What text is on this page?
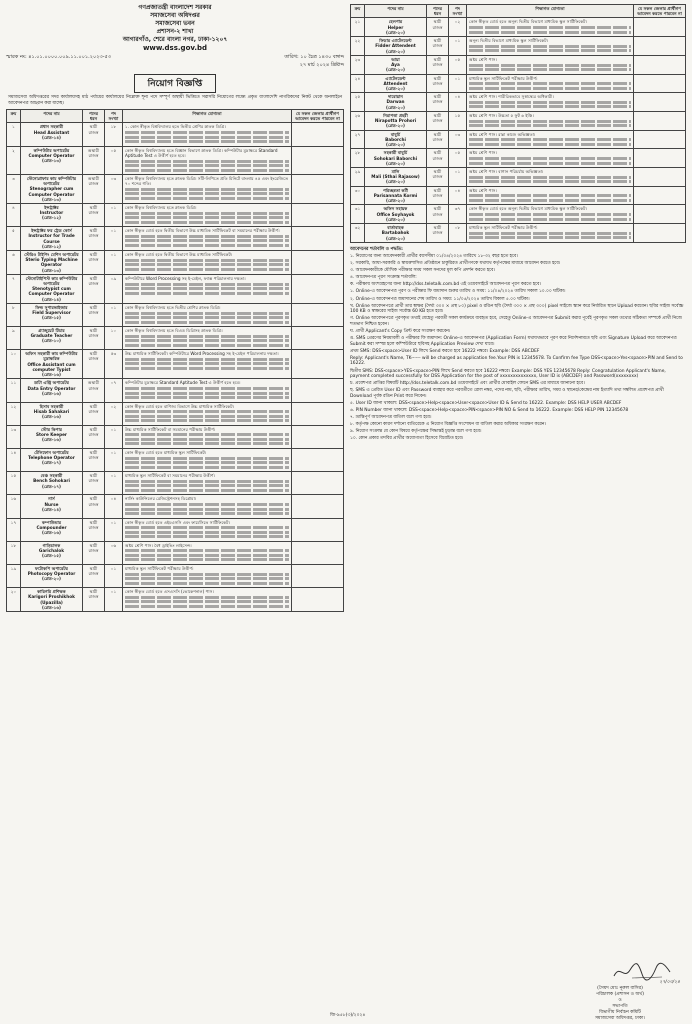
গণপ্রজাতন্ত্রী বাংলাদেশ সরকার
সমাজসেবা অধিদপ্তর
সমাজসেবা ভবন
প্রশাসন-২ শাখা
আগারগাঁও, শেরে বাংলা নগর, ঢাকা-১২০৭
www.dss.gov.bd
স্মারক নং: ৪১.০১.০০০০.০০৯.১১.০০১.২০২৩-৫৩	তারিখ: ১০ চৈত্র ১৪৩০ বঙ্গাব্দ
২৭ মার্চ ২০২৪ খ্রিষ্টাব্দ
নিয়োগ বিজ্ঞপ্তি
সমাজসেবা অধিদপ্তরের সদর কার্যালয়সহ মাঠ পর্যায়ের কার্যালয়ের নিম্নোক্ত শূন্য পদে সম্পূর্ণ অস্থায়ী ভিত্তিতে সরাসরি নিয়োগের লক্ষ্যে প্রকৃত বাংলাদেশি নাগরিকদের নিকট থেকে অনলাইনে আবেদনপত্র আহ্বান করা যাচ্ছে।
ক্রম	পদের নাম	পদের ধরন	পদ সংখ্যা	শিক্ষাগত যোগ্যতা	যে সকল জেলার প্রার্থীগণ আবেদন করতে পারবেন না

১	প্রধান সহকারী
Head Assistant
(গ্রেড-১৪)	স্থায়ী রাজস্ব	১৮	১. কোন স্বীকৃত বিশ্ববিদ্যালয় হতে দ্বিতীয় শ্রেণির স্নাতক ডিগ্রি।	

২	কম্পিউটার অপারেটর
Computer Operator
(গ্রেড-১৩)	অস্থায়ী রাজস্ব	০৫	কোন স্বীকৃত বিশ্ববিদ্যালয় হতে বিজ্ঞান বিভাগে স্নাতক ডিগ্রি। কম্পিউটার মুদ্রাক্ষরে Standard Aptitude Test এ উত্তীর্ণ হতে হবে।	

৩	স্টেনোগ্রাফার কাম কম্পিউটার অপারেটর
Stenographer cum Computer Operator
(গ্রেড-১৩)	অস্থায়ী রাজস্ব	০৩	কোন স্বীকৃত বিশ্ববিদ্যালয় হতে স্নাতক ডিগ্রি। সাঁট-লিপিতে প্রতি মিনিটে বাংলায় ৪৫ এবং ইংরেজিতে ৭০ শব্দের গতি।	

৪	ইন্সট্রাক্টর
Instructor
(গ্রেড-১২)	স্থায়ী রাজস্ব	০১	কোন স্বীকৃত বিশ্ববিদ্যালয় হতে স্নাতক ডিগ্রি।	

৫	ইন্সট্রাক্টর ফর ট্রেড কোর্স
Instructor for Trade Course
(গ্রেড-১২)	স্থায়ী রাজস্ব	০১	কোন স্বীকৃত বোর্ড হতে দ্বিতীয় বিভাগে উচ্চ মাধ্যমিক সার্টিফিকেট বা সমমানের পরীক্ষায় উত্তীর্ণ।	

৬	স্টেরিও টাইপিং মেশিন অপারেটর
Sterio Typing Machine Operator
(গ্রেড-১৩)	স্থায়ী রাজস্ব	০১	কোন স্বীকৃত বোর্ড হতে দ্বিতীয় বিভাগে উচ্চ মাধ্যমিক সার্টিফিকেট।	

৭	স্টেনোটাইপিস্ট কাম কম্পিউটার অপারেটর
Stenotypist cum Computer Operator
(গ্রেড-১৪)	স্থায়ী রাজস্ব	০৯	কম্পিউটারে Word Processing সহ ই-মেইল, ফ্যাক্স পরিচালনায় দক্ষতা।	

৮	ফিল্ড সুপারভাইজার
Field Supervisor
(গ্রেড-১৫)	স্থায়ী রাজস্ব	০১	কোন স্বীকৃত বিশ্ববিদ্যালয় হতে দ্বিতীয় শ্রেণির স্নাতক ডিগ্রি।	

৯	গ্র্যাজুয়েট টিচার
Graduate Teacher
(গ্রেড-১০)	স্থায়ী রাজস্ব	১০	কোন স্বীকৃত বিশ্ববিদ্যালয় হতে বিএড ডিগ্রিসহ স্নাতক ডিগ্রি।	

১০	অফিস সহকারী কাম কম্পিউটার মুদ্রাক্ষরিক
Office Assistant cum computer Typist
(গ্রেড-১৬)	স্থায়ী রাজস্ব	৫৩	উচ্চ মাধ্যমিক সার্টিফিকেট। কম্পিউটারে Word Processing সহ ই-মেইল পরিচালনায় দক্ষতা।	

১১	ডাটা এন্ট্রি অপারেটর
Data Entry Operator
(গ্রেড-১৬)	অস্থায়ী রাজস্ব	০৭	কম্পিউটার মুদ্রাক্ষরে Standard Aptitude Test এ উত্তীর্ণ হতে হবে।	

১২	হিসাব সহকারী
Hisab Sahakari
(গ্রেড-১৬)	স্থায়ী রাজস্ব	০২	কোন স্বীকৃত বোর্ড হতে বাণিজ্য বিভাগে উচ্চ মাধ্যমিক সার্টিফিকেট।	

১৩	স্টোর কিপার
Store Keeper
(গ্রেড-১৬)	স্থায়ী রাজস্ব	০১	উচ্চ মাধ্যমিক সার্টিফিকেট বা সমমানের পরীক্ষায় উত্তীর্ণ।	

১৪	টেলিফোন অপারেটর
Telephone Operator
(গ্রেড-১৭)	স্থায়ী রাজস্ব	০১	কোন স্বীকৃত বোর্ড হতে মাধ্যমিক স্কুল সার্টিফিকেট।	

১৫	বেঞ্চ সহকারী
Bench Sohokari
(গ্রেড-১৭)	স্থায়ী রাজস্ব	০১	মাধ্যমিক স্কুল সার্টিফিকেট বা সমমানের পরীক্ষায় উত্তীর্ণ।	

১৬	নার্স
Nurse
(গ্রেড-১৪)	স্থায়ী রাজস্ব	০৪	নার্সিং কাউন্সিলের রেজিস্ট্রেশনসহ ডিপ্লোমা।	

১৭	কম্পাউন্ডার
Compounder
(গ্রেড-১৬)	স্থায়ী রাজস্ব	০১	কোন স্বীকৃত বোর্ড হতে এইচএসসি এবং ফার্মেসিতে সার্টিফিকেট।	

১৮	গাড়িচালক
Garichalok
(গ্রেড-১৫)	স্থায়ী রাজস্ব	০৬	অষ্টম শ্রেণি পাস। বৈধ ড্রাইভিং লাইসেন্স।	

১৯	ফটোকপি অপারেটর
Photocopy Operator
(গ্রেড-২০)	স্থায়ী রাজস্ব	০১	মাধ্যমিক স্কুল সার্টিফিকেট পরীক্ষায় উত্তীর্ণ।	

২০	কারিগরি প্রশিক্ষক
Karigori Proshikhok (Upazilla)
(গ্রেড-১৬)	স্থায়ী রাজস্ব	০১	কোন স্বীকৃত বোর্ড হতে এসএসসি (ভোকেশনাল) পাস।	

ক্রম	পদের নাম	পদের ধরন	পদ সংখ্যা	শিক্ষাগত যোগ্যতা	যে সকল জেলার প্রার্থীগণ আবেদন করতে পারবেন না

২১	হেলপার
Helper
(গ্রেড-২০)	স্থায়ী রাজস্ব	০২	কোন স্বীকৃত বোর্ড হতে অনূন্য দ্বিতীয় বিভাগে মাধ্যমিক স্কুল সার্টিফিকেট।	

২২	ফিডার এ্যাটেনডেন্ট
Fidder Attendent
(গ্রেড-২০)	স্থায়ী রাজস্ব	০১	অনূন্য দ্বিতীয় বিভাগে মাধ্যমিক স্কুল সার্টিফিকেট।	

২৩	আয়া
Aya
(গ্রেড-২০)	স্থায়ী রাজস্ব	০৫	অষ্টম শ্রেণি পাস।	

২৪	এ্যাটেনডেন্ট
Attendent
(গ্রেড-২০)	স্থায়ী রাজস্ব	০১	মাধ্যমিক স্কুল সার্টিফিকেট পরীক্ষায় উত্তীর্ণ।	

২৫	দারোয়ান
Darwan
(গ্রেড-২০)	স্থায়ী রাজস্ব	০৪	অষ্টম শ্রেণি পাস। শারীরিকভাবে সুস্বাস্থ্যের অধিকারী।	

২৬	নিরাপত্তা প্রহরী
Nirapotta Prohori
(গ্রেড-২০)	স্থায়ী রাজস্ব	১৫	অষ্টম শ্রেণি পাস। উচ্চতা ৫ ফুট ৬ ইঞ্চি।	

২৭	বাবুর্চি
Baborchi
(গ্রেড-২০)	স্থায়ী রাজস্ব	০৩	অষ্টম শ্রেণি পাস। রান্না কাজে অভিজ্ঞতা।	

২৮	সহকারী বাবুর্চি
Sohokari Baborchi
(গ্রেড-২০)	স্থায়ী রাজস্ব	০৫	অষ্টম শ্রেণি পাস।	

২৯	মালি
Mali (Sthai Rajasow)
(গ্রেড-২০)	স্থায়ী রাজস্ব	০১	অষ্টম শ্রেণি পাস। বাগান পরিচর্যায় অভিজ্ঞতা।	

৩০	পরিচ্ছন্নতা কর্মী
Parisannata Kormi
(গ্রেড-২০)	স্থায়ী রাজস্ব	০৪	অষ্টম শ্রেণি পাস।	

৩১	অফিস সহায়ক
Office Soyhayok
(গ্রেড-২০)	স্থায়ী রাজস্ব	৩৭	কোন স্বীকৃত বোর্ড হতে অনূন্য দ্বিতীয় বিভাগে মাধ্যমিক স্কুল সার্টিফিকেট।	

৩২	বার্তাবাহক
Bartabahok
(গ্রেড-২০)	স্থায়ী রাজস্ব	০৮	মাধ্যমিক স্কুল সার্টিফিকেট পরীক্ষায় উত্তীর্ণ।	

আবেদনের শর্তাবলি ও পদ্ধতি:

১. নিয়োগের জন্য আবেদনকারী প্রার্থীর বয়সসীমা ০১/০৪/২০২৪ তারিখে ১৮-৩২ বছর হতে হবে।

২. সরকারি, আধা-সরকারি ও স্বায়ত্তশাসিত প্রতিষ্ঠানে চাকুরিরত প্রার্থীগণকে যথাযথ কর্তৃপক্ষের মাধ্যমে আবেদন করতে হবে।

৩. আবেদনকারীকে মৌখিক পরীক্ষার সময় সকল সনদের মূল কপি প্রদর্শন করতে হবে।

৪. আবেদনপত্র পূরণ সংক্রান্ত শর্তাবলি:

ক. পরীক্ষায় অংশগ্রহণের জন্য http://dss.teletalk.com.bd এই ওয়েবসাইটে আবেদনপত্র পূরণ করতে হবে।

১. Online-এ আবেদনপত্র পূরণ ও পরীক্ষার ফি জমাদান শুরুর তারিখ ও সময়: ১১/০৪/২০২৪ তারিখ সকাল ১০.০০ ঘটিকা।

২. Online-এ আবেদনপত্র জমাদানের শেষ তারিখ ও সময়: ১১/০৫/২০২৪ তারিখ বিকাল ৫.০০ ঘটিকা।

খ. Online আবেদনপত্রে প্রার্থী তার স্বাক্ষর (দৈর্ঘ্য ৩০০ × প্রস্থ ৮০) pixel ও রঙিন ছবি (দৈর্ঘ্য ৩০০ × প্রস্থ ৩০০) pixel সাইজে স্ক্যান করে নির্ধারিত স্থানে Upload করবেন। ছবির সাইজ সর্বোচ্চ 100 KB ও স্বাক্ষরের সাইজ সর্বোচ্চ 60 KB হতে হবে।

গ. Online আবেদনপত্রে পূরণকৃত তথ্যই যেহেতু পরবর্তী সকল কার্যক্রমে ব্যবহৃত হবে, সেহেতু Online-এ আবেদনপত্র Submit করার পূর্বেই পূরণকৃত সকল তথ্যের সঠিকতা সম্পর্কে প্রার্থী নিজে শতভাগ নিশ্চিত হবেন।

ঘ. প্রার্থী Applicant's Copy প্রিন্ট করে সংরক্ষণ করবেন।

ঙ. SMS প্রেরণের নিয়মাবলী ও পরীক্ষার ফি জমাদান: Online-এ আবেদনপত্র (Application Form) যথাযথভাবে পূরণ করে নির্দেশনামতে ছবি এবং Signature Upload করে আবেদনপত্র Submit করা সম্পন্ন হলে কম্পিউটারে ছবিসহ Application Preview দেখা যাবে।

প্রথম SMS: DSS<space>User ID লিখে Send করতে হবে 16222 নম্বরে। Example: DSS ABCDEF

Reply: Applicant's Name, TK------ will be charged as application fee.Your PIN is 12345678. To Confirm fee Type DSS<space>Yes<space>PIN and Send to 16222.

দ্বিতীয় SMS: DSS<space>YES<space>PIN লিখে Send করতে হবে 16222 নম্বরে। Example: DSS YES 12345678 Reply: Congratulation Applicant's Name, payment completed successfully for DSS Application for the post of xxxxxxxxxxxxxx, User ID is (ABCDEF) and Password(xxxxxxxx)

চ. প্রবেশপত্র প্রাপ্তির বিষয়টি http://dss.teletalk.com.bd ওয়েবসাইটে এবং প্রার্থীর মোবাইল ফোনে SMS এর মাধ্যমে জানানো হবে।

ছ. SMS এ প্রেরিত User ID এবং Password ব্যবহার করে পরবর্তীতে রোল নম্বর, পদের নাম, ছবি, পরীক্ষার তারিখ, সময় ও স্থানের/কেন্দ্রের নাম ইত্যাদি তথ্য সম্বলিত প্রবেশপত্র প্রার্থী Download পূর্বক রঙিন Print করে নিবেন।

৫. User ID জানা থাকলে: DSS<space>Help<space>User<space>User ID & Send to 16222. Example: DSS HELP USER ABCDEF

৬. PIN Number জানা থাকলে: DSS<space>Help<space>PIN<space>PIN NO & Send to 16222. Example: DSS HELP PIN 12345678

৭. ভ্রান্তিপূর্ণ আবেদনপত্র বাতিল বলে গণ্য হবে।

৮. কর্তৃপক্ষ কোনো কারণ দর্শানো ব্যতিরেকে এ নিয়োগ বিজ্ঞপ্তি সংশোধন বা বাতিল করার অধিকার সংরক্ষণ করেন।

৯. নিয়োগ সংক্রান্ত যে কোন বিষয়ে কর্তৃপক্ষের সিদ্ধান্তই চূড়ান্ত বলে গণ্য হবে।

১০. কোন প্রকার তদবির প্রার্থীর অযোগ্যতা হিসেবে বিবেচিত হবে।

২৭/০৩/২৪
(সৈয়দ মোঃ নূরুল বাসির)
পরিচালক (প্রশাসন ও অর্থ)
ও
সভাপতি
বিভাগীয় নির্বাচন কমিটি
সমাজসেবা অধিদপ্তর, ঢাকা।
জি-৯৫৮(৩)/২০২৪
